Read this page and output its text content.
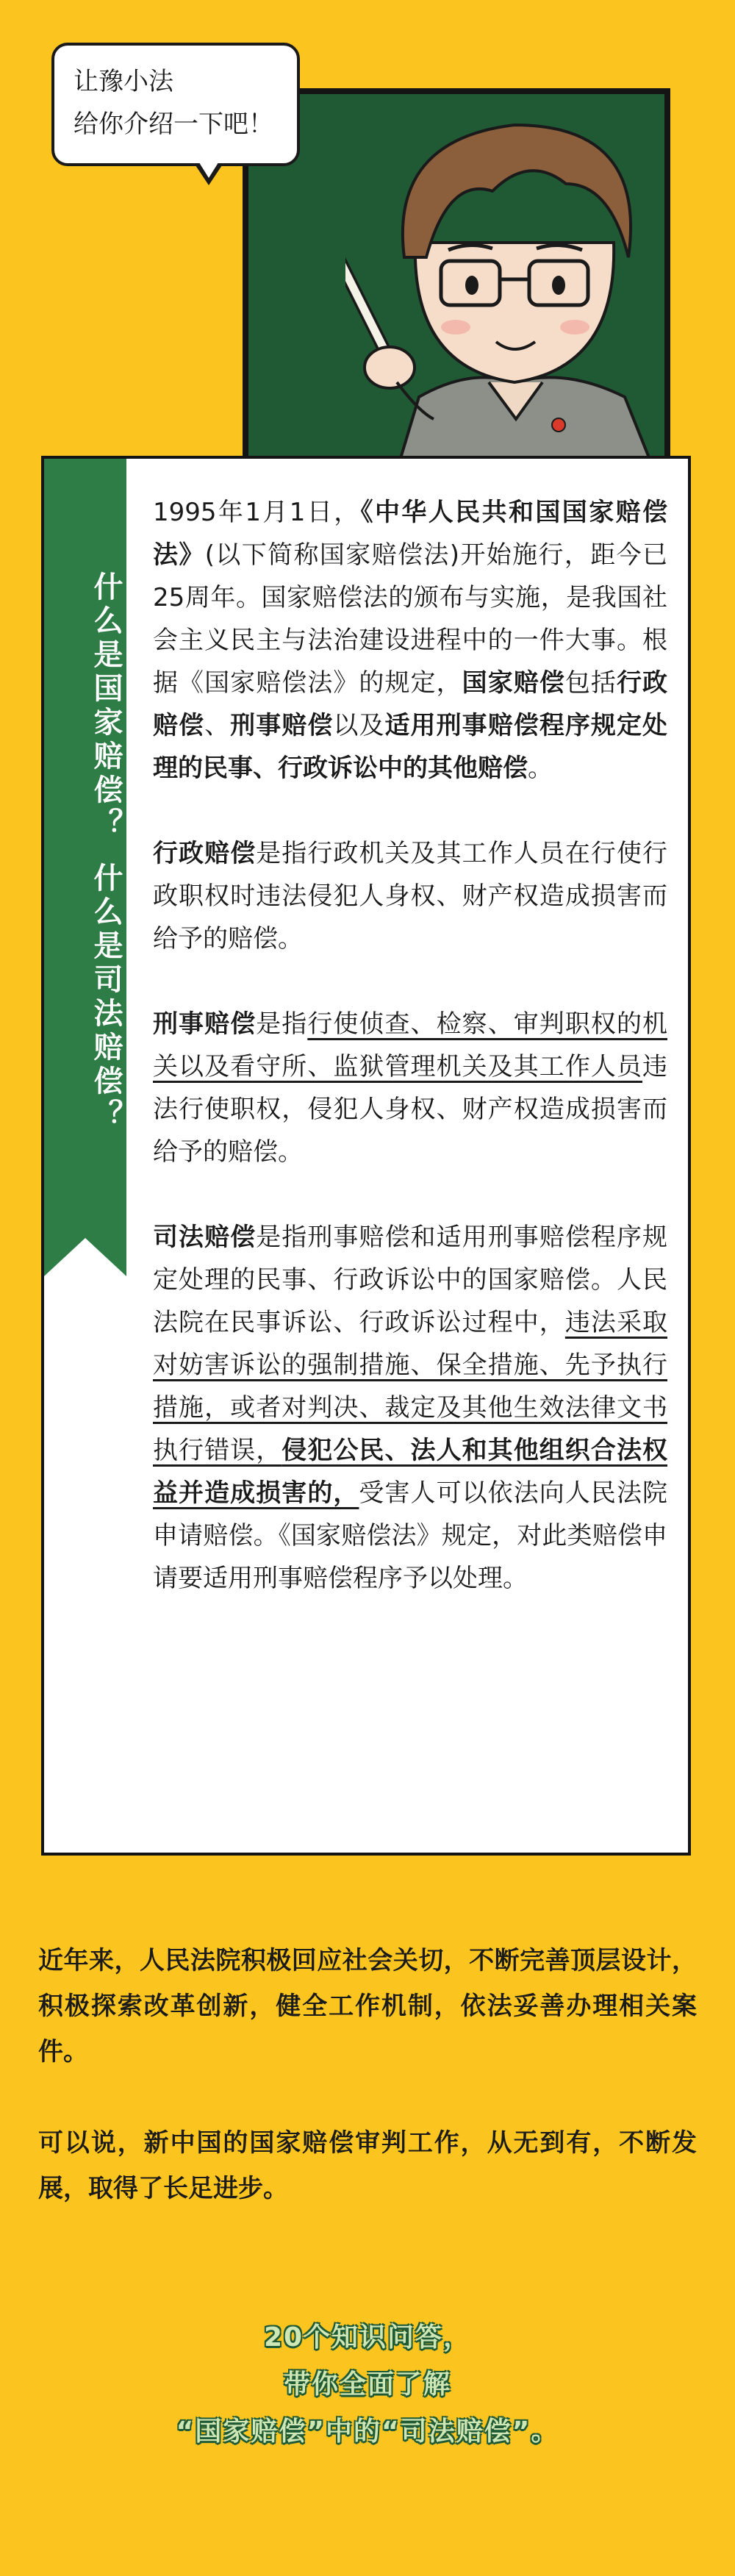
让豫小法
给你介绍一下吧！
什么是国家赔偿？什么是司法赔偿？

1995年1月1日，《中华人民共和国国家赔偿法》(以下简称国家赔偿法)开始施行，距今已25周年。国家赔偿法的颁布与实施，是我国社会主义民主与法治建设进程中的一件大事。根据《国家赔偿法》的规定，国家赔偿包括行政赔偿、刑事赔偿以及适用刑事赔偿程序规定处理的民事、行政诉讼中的其他赔偿。

行政赔偿是指行政机关及其工作人员在行使行政职权时违法侵犯人身权、财产权造成损害而给予的赔偿。

刑事赔偿是指行使侦查、检察、审判职权的机关以及看守所、监狱管理机关及其工作人员违法行使职权，侵犯人身权、财产权造成损害而给予的赔偿。

司法赔偿是指刑事赔偿和适用刑事赔偿程序规定处理的民事、行政诉讼中的国家赔偿。人民法院在民事诉讼、行政诉讼过程中，违法采取对妨害诉讼的强制措施、保全措施、先予执行措施，或者对判决、裁定及其他生效法律文书执行错误，侵犯公民、法人和其他组织合法权益并造成损害的，受害人可以依法向人民法院申请赔偿。《国家赔偿法》规定，对此类赔偿申请要适用刑事赔偿程序予以处理。

近年来，人民法院积极回应社会关切，不断完善顶层设计，积极探索改革创新，健全工作机制，依法妥善办理相关案件。

可以说，新中国的国家赔偿审判工作，从无到有，不断发展，取得了长足进步。

20个知识问答，
带你全面了解
“国家赔偿”中的“司法赔偿”。
